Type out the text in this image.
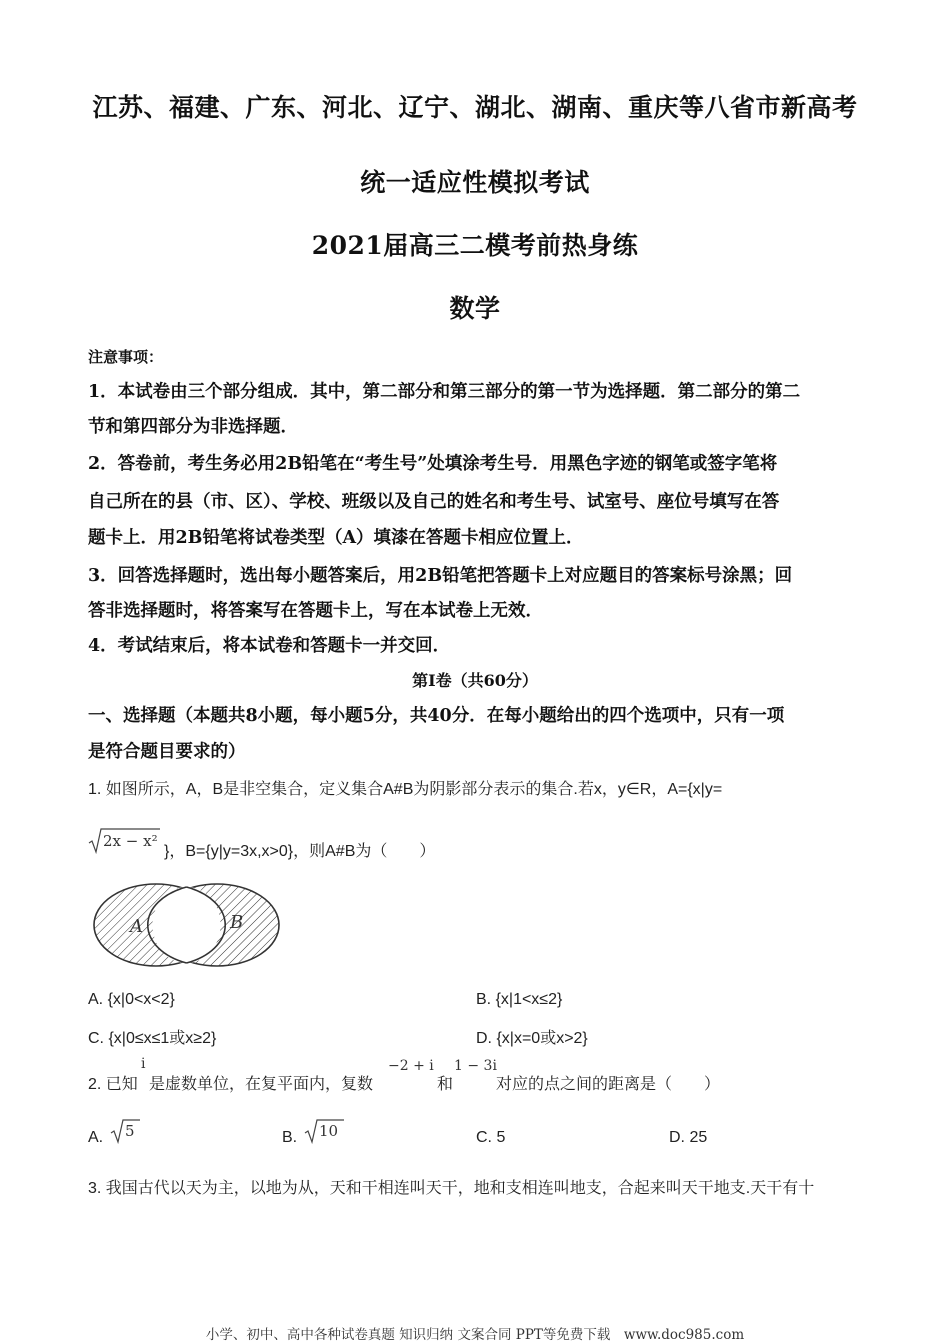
江苏、福建、广东、河北、辽宁、湖北、湖南、重庆等八省市新高考
统一适应性模拟考试
2021届高三二模考前热身练
数学
注意事项：
1．本试卷由三个部分组成．其中，第二部分和第三部分的第一节为选择题．第二部分的第二
节和第四部分为非选择题．
2．答卷前，考生务必用2B铅笔在“考生号”处填涂考生号．用黑色字迹的钢笔或签字笔将
自己所在的县（市、区）、学校、班级以及自己的姓名和考生号、试室号、座位号填写在答
题卡上．用2B铅笔将试卷类型（A）填漆在答题卡相应位置上．
3．回答选择题时，选出每小题答案后，用2B铅笔把答题卡上对应题目的答案标号涂黑；回
答非选择题时，将答案写在答题卡上，写在本试卷上无效．
4．考试结束后，将本试卷和答题卡一并交回．
第Ⅰ卷（共60分）
一、选择题（本题共8小题，每小题5分，共40分．在每小题给出的四个选项中，只有一项
是符合题目要求的）
1. 如图所示，A，B是非空集合，定义集合A#B为阴影部分表示的集合.若x，y∈R，A={x|y=
2x − x²
}，B={y|y=3x,x>0}，则A#B为（　　）
A	B
A. {x|0<x<2}	B. {x|1<x≤2}
C. {x|0≤x≤1或x≥2}	D. {x|x=0或x>2}
2. 已知
i
是虚数单位，在复平面内，复数
−2 + i
和
1 − 3i
对应的点之间的距离是（　　）
A. 5	B. 10	C. 5	D. 25
3. 我国古代以天为主，以地为从，天和干相连叫天干，地和支相连叫地支，合起来叫天干地支.天干有十
小学、初中、高中各种试卷真题 知识归纳 文案合同 PPT等免费下载　www.doc985.com
